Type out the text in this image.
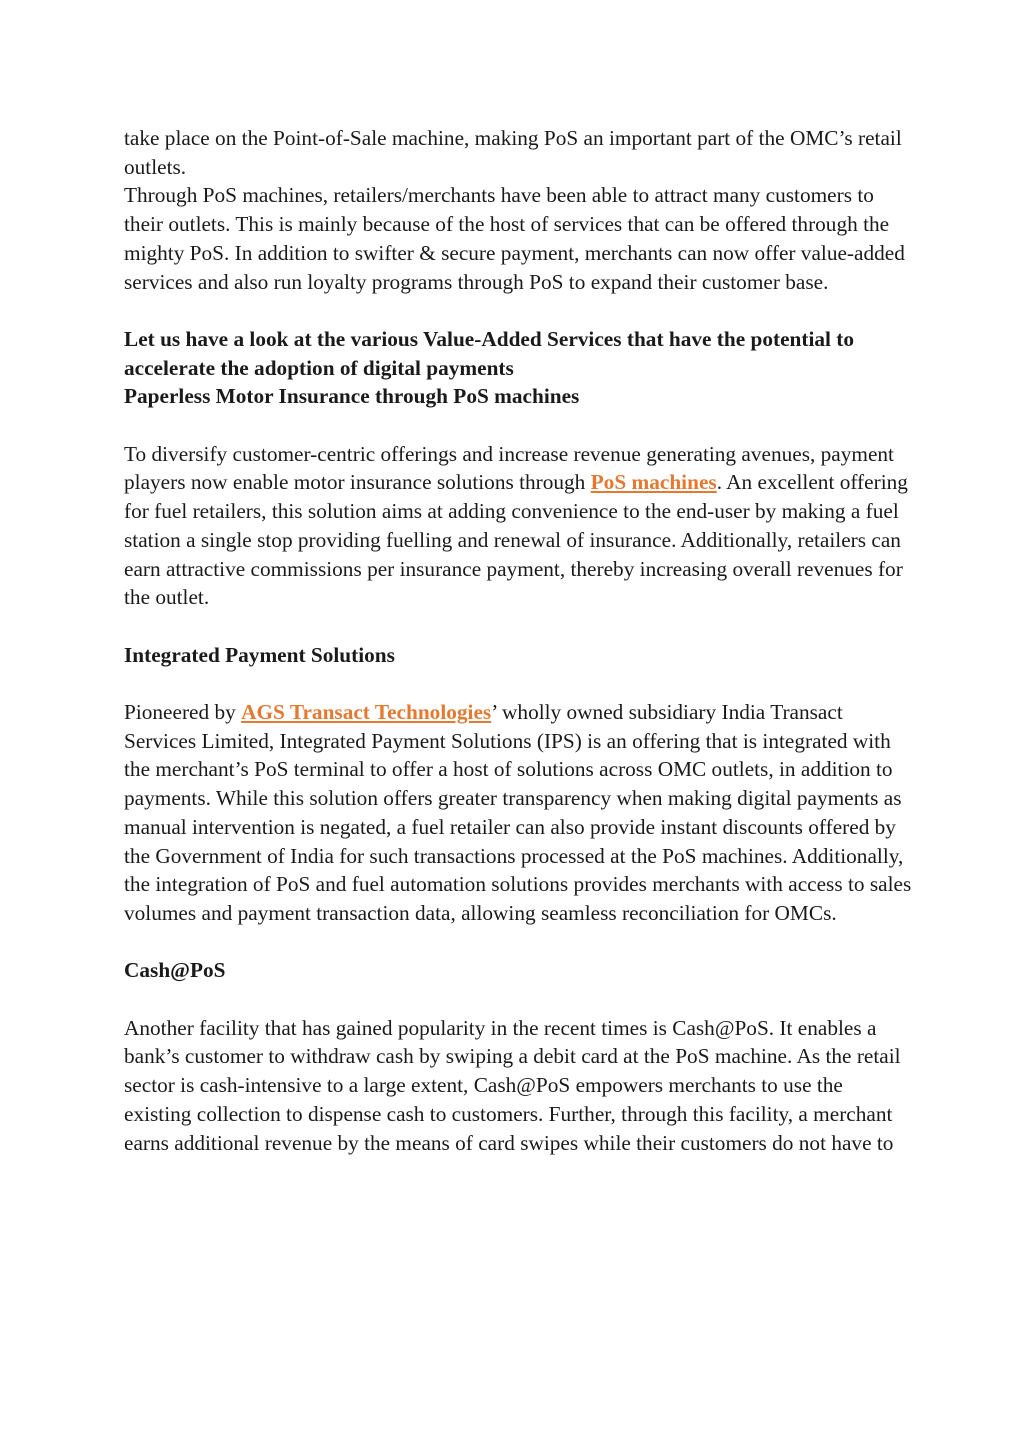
take place on the Point-of-Sale machine, making PoS an important part of the OMC’s retail outlets.

Through PoS machines, retailers/merchants have been able to attract many customers to their outlets. This is mainly because of the host of services that can be offered through the mighty PoS. In addition to swifter & secure payment, merchants can now offer value-added services and also run loyalty programs through PoS to expand their customer base.

Let us have a look at the various Value-Added Services that have the potential to accelerate the adoption of digital payments

Paperless Motor Insurance through PoS machines

To diversify customer-centric offerings and increase revenue generating avenues, payment players now enable motor insurance solutions through PoS machines. An excellent offering for fuel retailers, this solution aims at adding convenience to the end-user by making a fuel station a single stop providing fuelling and renewal of insurance. Additionally, retailers can earn attractive commissions per insurance payment, thereby increasing overall revenues for the outlet.

Integrated Payment Solutions

Pioneered by AGS Transact Technologies’ wholly owned subsidiary India Transact Services Limited, Integrated Payment Solutions (IPS) is an offering that is integrated with the merchant’s PoS terminal to offer a host of solutions across OMC outlets, in addition to payments. While this solution offers greater transparency when making digital payments as manual intervention is negated, a fuel retailer can also provide instant discounts offered by the Government of India for such transactions processed at the PoS machines. Additionally, the integration of PoS and fuel automation solutions provides merchants with access to sales volumes and payment transaction data, allowing seamless reconciliation for OMCs.

Cash@PoS

Another facility that has gained popularity in the recent times is Cash@PoS. It enables a bank’s customer to withdraw cash by swiping a debit card at the PoS machine. As the retail sector is cash-intensive to a large extent, Cash@PoS empowers merchants to use the existing collection to dispense cash to customers. Further, through this facility, a merchant earns additional revenue by the means of card swipes while their customers do not have to
